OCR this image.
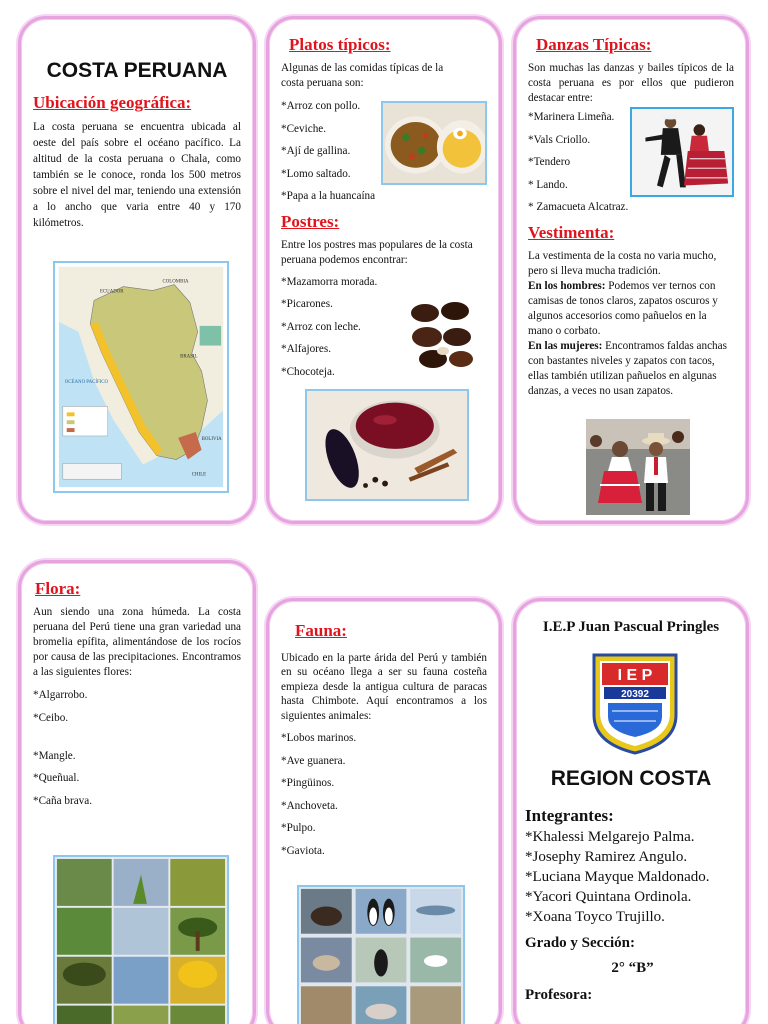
COSTA PERUANA
Ubicación geográfica:
La costa peruana se encuentra ubicada al oeste del país sobre el océano pacífico. La altitud de la costa peruana o Chala, como también se le conoce, ronda los 500 metros sobre el nivel del mar, teniendo una extensión a lo ancho que varia entre 40 y 170 kilómetros.
ECUADOR
COLOMBIA
BRASIL
BOLIVIA
CHILE
OCÉANO PACÍFICO
Platos típicos:
Algunas de las comidas típicas de la costa peruana son:
*Arroz con pollo.
*Ceviche.
*Ají de gallina.
*Lomo saltado.
*Papa a la huancaína
Postres:
Entre los postres mas populares de la costa peruana podemos encontrar:
*Mazamorra morada.
*Picarones.
*Arroz con leche.
*Alfajores.
*Chocoteja.
Danzas Típicas:
Son muchas las danzas y bailes típicos de la costa peruana es por ellos que pudieron destacar entre:
*Marinera Limeña.
*Vals Criollo.
*Tendero
* Lando.
* Zamacueta Alcatraz.
Vestimenta:
La vestimenta de la costa no varia mucho, pero si lleva mucha tradición.
En los hombres: Podemos ver ternos con camisas de tonos claros, zapatos oscuros y algunos accesorios como pañuelos en la mano o corbato.
En las mujeres: Encontramos faldas anchas con bastantes niveles y zapatos con tacos, ellas también utilizan pañuelos en algunas danzas, a veces no usan zapatos.
Flora:
Aun siendo una zona húmeda. La costa peruana del Perú tiene una gran variedad una bromelia epífita, alimentándose de los rocíos por causa de las precipitaciones. Encontramos a las siguientes flores:
*Algarrobo.
*Ceibo.
*Mangle.
*Queñual.
*Caña brava.
Fauna:
Ubicado en la parte árida del Perú y también en su océano llega a ser su fauna costeña empieza desde la antigua cultura de paracas hasta Chimbote. Aquí encontramos a los siguientes animales:
*Lobos marinos.
*Ave guanera.
*Pingüinos.
*Anchoveta.
*Pulpo.
*Gaviota.
I.E.P Juan Pascual Pringles
I E P
20392
REGION COSTA
Integrantes:
*Khalessi Melgarejo Palma.
*Josephy Ramirez Angulo.
*Luciana Mayque Maldonado.
*Yacori Quintana Ordinola.
*Xoana Toyco Trujillo.
Grado y Sección:
2° “B”
Profesora:
